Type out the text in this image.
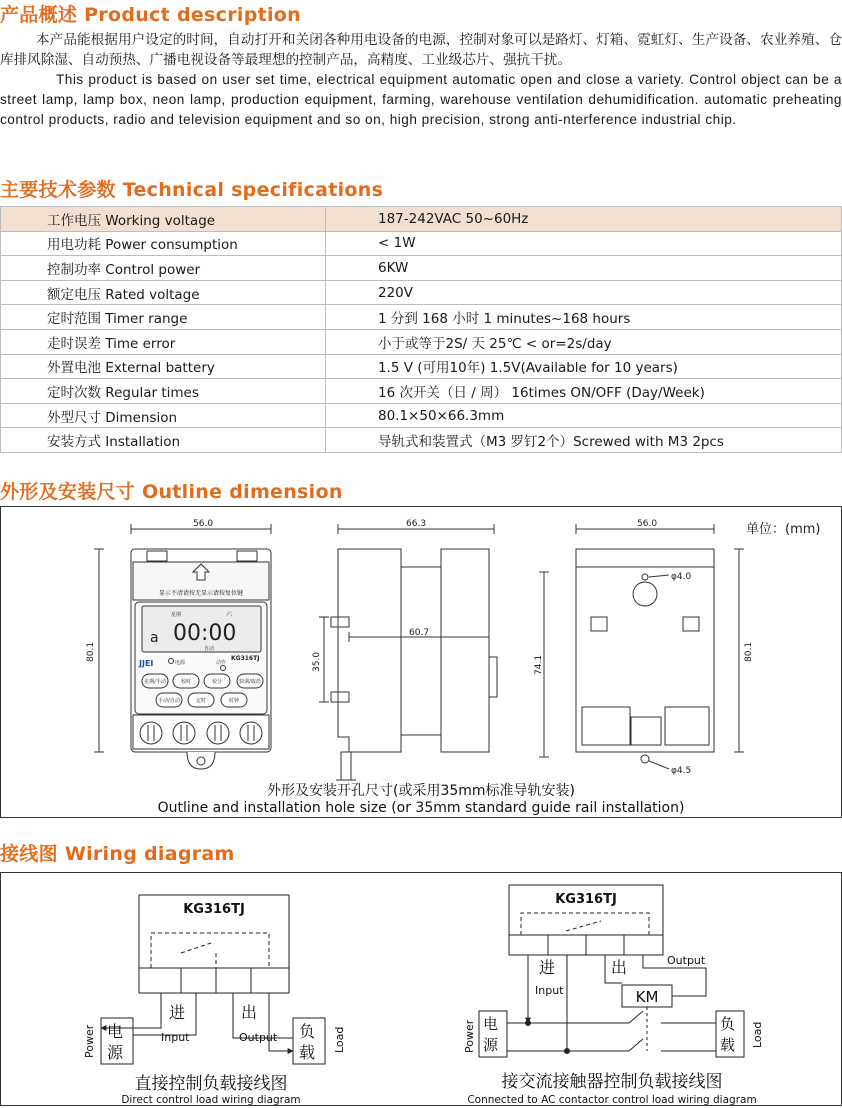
产品概述 Product description

本产品能根据用户设定的时间，自动打开和关闭各种用电设备的电源，控制对象可以是路灯、灯箱、霓虹灯、生产设备、农业养殖、仓库排风除湿、自动预热、广播电视设备等最理想的控制产品，高精度、工业级芯片、强抗干扰。

This product is based on user set time, electrical equipment automatic open and close a variety. Control object can be a street lamp, lamp box, neon lamp, production equipment, farming, warehouse ventilation dehumidification. automatic preheating control products, radio and television equipment and so on, high precision, strong anti-nterference industrial chip.

主要技术参数 Technical specifications
工作电压 Working voltage	187-242VAC 50~60Hz
用电功耗 Power consumption	< 1W
控制功率 Control power	6KW
额定电压 Rated voltage	220V
定时范围 Timer range	1 分到 168 小时 1 minutes~168 hours
走时误差 Time error	小于或等于2S/ 天 25℃ < or=2s/day
外置电池 External battery	1.5 V (可用10年) 1.5V(Available for 10 years)
定时次数 Regular times	16 次开关（日 / 周） 16times ON/OFF (Day/Week)
外型尺寸 Dimension	80.1×50×66.3mm
安装方式 Installation	导轨式和装置式（M3 罗钉2个）Screwed with M3 2pcs
外形及安装尺寸 Outline dimension
单位：(mm)
56.0
80.1
显示不清请按无显示请按复位键
星期	六
a 00:00
自动
KG316TJ
JJEI	电源	动作
星期/手动	校时	校分	快调/取消
手动/自动	定时	时钟
66.3
60.7
35.0
56.0
80.1
74.1
φ4.0
φ4.5
外形及安装开孔尺寸(或采用35mm标准导轨安装)
Outline and installation hole size (or 35mm standard guide rail installation)
接线图 Wiring diagram
KG316TJ
进
Input
出
Output
电
源
Power	负
载 Load
直接控制负载接线图
Direct control load wiring diagram
KG316TJ
进
Input
出	Output
KM
电
源
Power	负
载 Load
接交流接触器控制负载接线图
Connected to AC contactor control load wiring diagram
